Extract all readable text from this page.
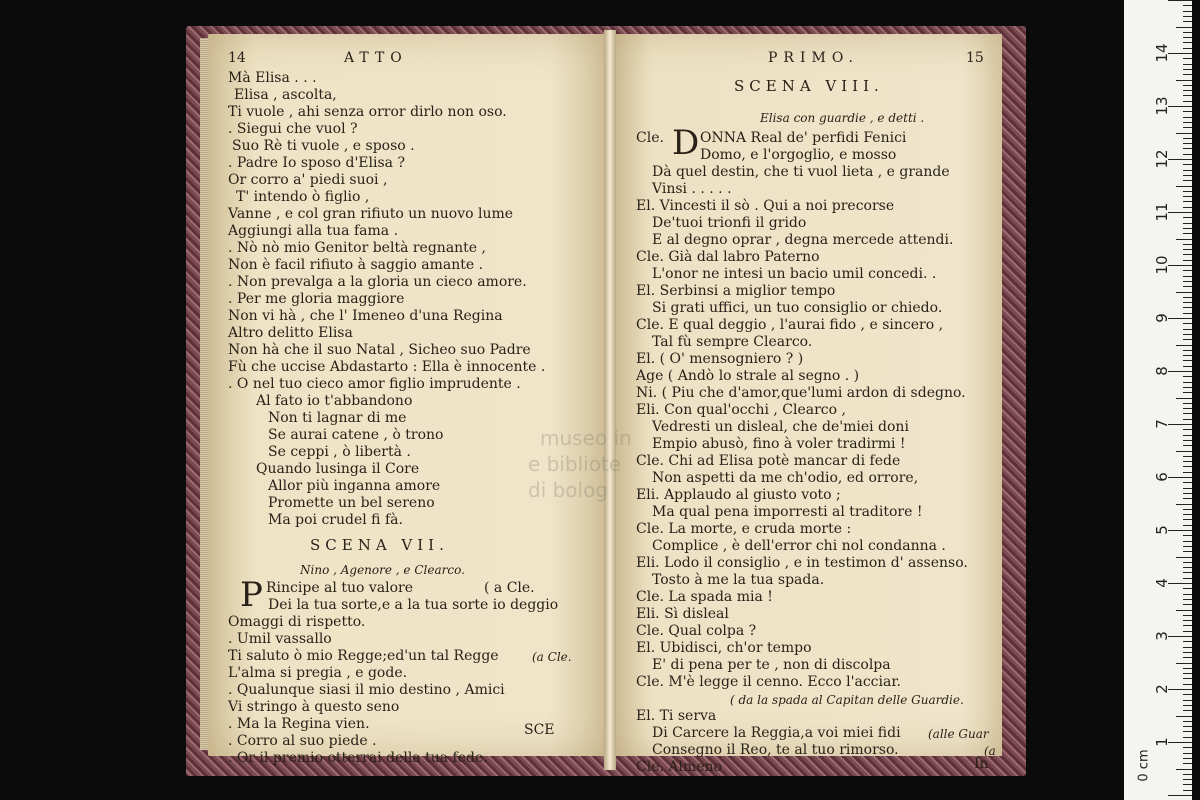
14	ATTO
Mà Elisa . . .
Elisa , ascolta,
Ti vuole , ahi senza orror dirlo non oso.
. Siegui che vuol ?
Suo Rè ti vuole , e sposo .
. Padre Io sposo d'Elisa ?
Or corro a' piedi suoi ,
T' intendo ò figlio ,
Vanne , e col gran rifiuto un nuovo lume
Aggiungi alla tua fama .
. Nò nò mio Genitor beltà regnante ,
Non è facil rifiuto à saggio amante .
. Non prevalga a la gloria un cieco amore.
. Per me gloria maggiore
Non vi hà , che l' Imeneo d'una Regina
Altro delitto Elisa
Non hà che il suo Natal , Sicheo suo Padre
Fù che uccise Abdastarto : Ella è innocente .
. O nel tuo cieco amor figlio imprudente .
Al fato io t'abbandono
Non ti lagnar di me
Se aurai catene , ò trono
Se ceppi , ò libertà .
Quando lusinga il Core
Allor più inganna amore
Promette un bel sereno
Ma poi crudel fi fà.
SCENA VII.
Nino , Agenore , e Clearco.
P Rincipe al tuo valore	( a Cle.
Dei la tua sorte,e a la tua sorte io deggio
Omaggi di rispetto.
. Umil vassallo
Ti saluto ò mio Regge;ed'un tal Regge	(a Cle.
L'alma si pregia , e gode.
. Qualunque siasi il mio destino , Amici
Vi stringo à questo seno
. Ma la Regina vien.
. Corro al suo piede .
. Or il premio otterrai della tua fede.
SCE
PRIMO.	15
SCENA VIII.
Elisa con guardie , e detti .
Cle. D ONNA Real de' perfidi Fenici
Domo, e l'orgoglio, e mosso
Dà quel destin, che ti vuol lieta , e grande
Vinsi . . . . .
El. Vincesti il sò . Qui a noi precorse
De'tuoi trionfi il grido
E al degno oprar , degna mercede attendi.
Cle. Già dal labro Paterno
L'onor ne intesi un bacio umil concedi. .
El. Serbinsi a miglior tempo
Si grati uffici, un tuo consiglio or chiedo.
Cle. E qual deggio , l'aurai fido , e sincero ,
Tal fù sempre Clearco.
El. ( O' mensogniero ? )
Age ( Andò lo strale al segno . )
Ni. ( Piu che d'amor,que'lumi ardon di sdegno.
Eli. Con qual'occhi , Clearco ,
Vedresti un disleal, che de'miei doni
Empio abusò, fino à voler tradirmi !
Cle. Chi ad Elisa potè mancar di fede
Non aspetti da me ch'odio, ed orrore,
Eli. Applaudo al giusto voto ;
Ma qual pena imporresti al traditore !
Cle. La morte, e cruda morte :
Complice , è dell'error chi nol condanna .
Eli. Lodo il consiglio , e in testimon d' assenso.
Tosto à me la tua spada.
Cle. La spada mia !
Eli. Sì disleal
Cle. Qual colpa ?
El. Ubidisci, ch'or tempo
E' di pena per te , non di discolpa
Cle. M'è legge il cenno. Ecco l'acciar.
( da la spada al Capitan delle Guardie.
El. Ti serva
Di Carcere la Reggia,a voi miei fidi (alle Guar
Consegno il Reo, te al tuo rimorso.	(a
Cle. Almeno	In
museo in
e bibliote
di bolog
0 cm
1
2
3
4
5
6
7
8
9
10
11
12
13
14
